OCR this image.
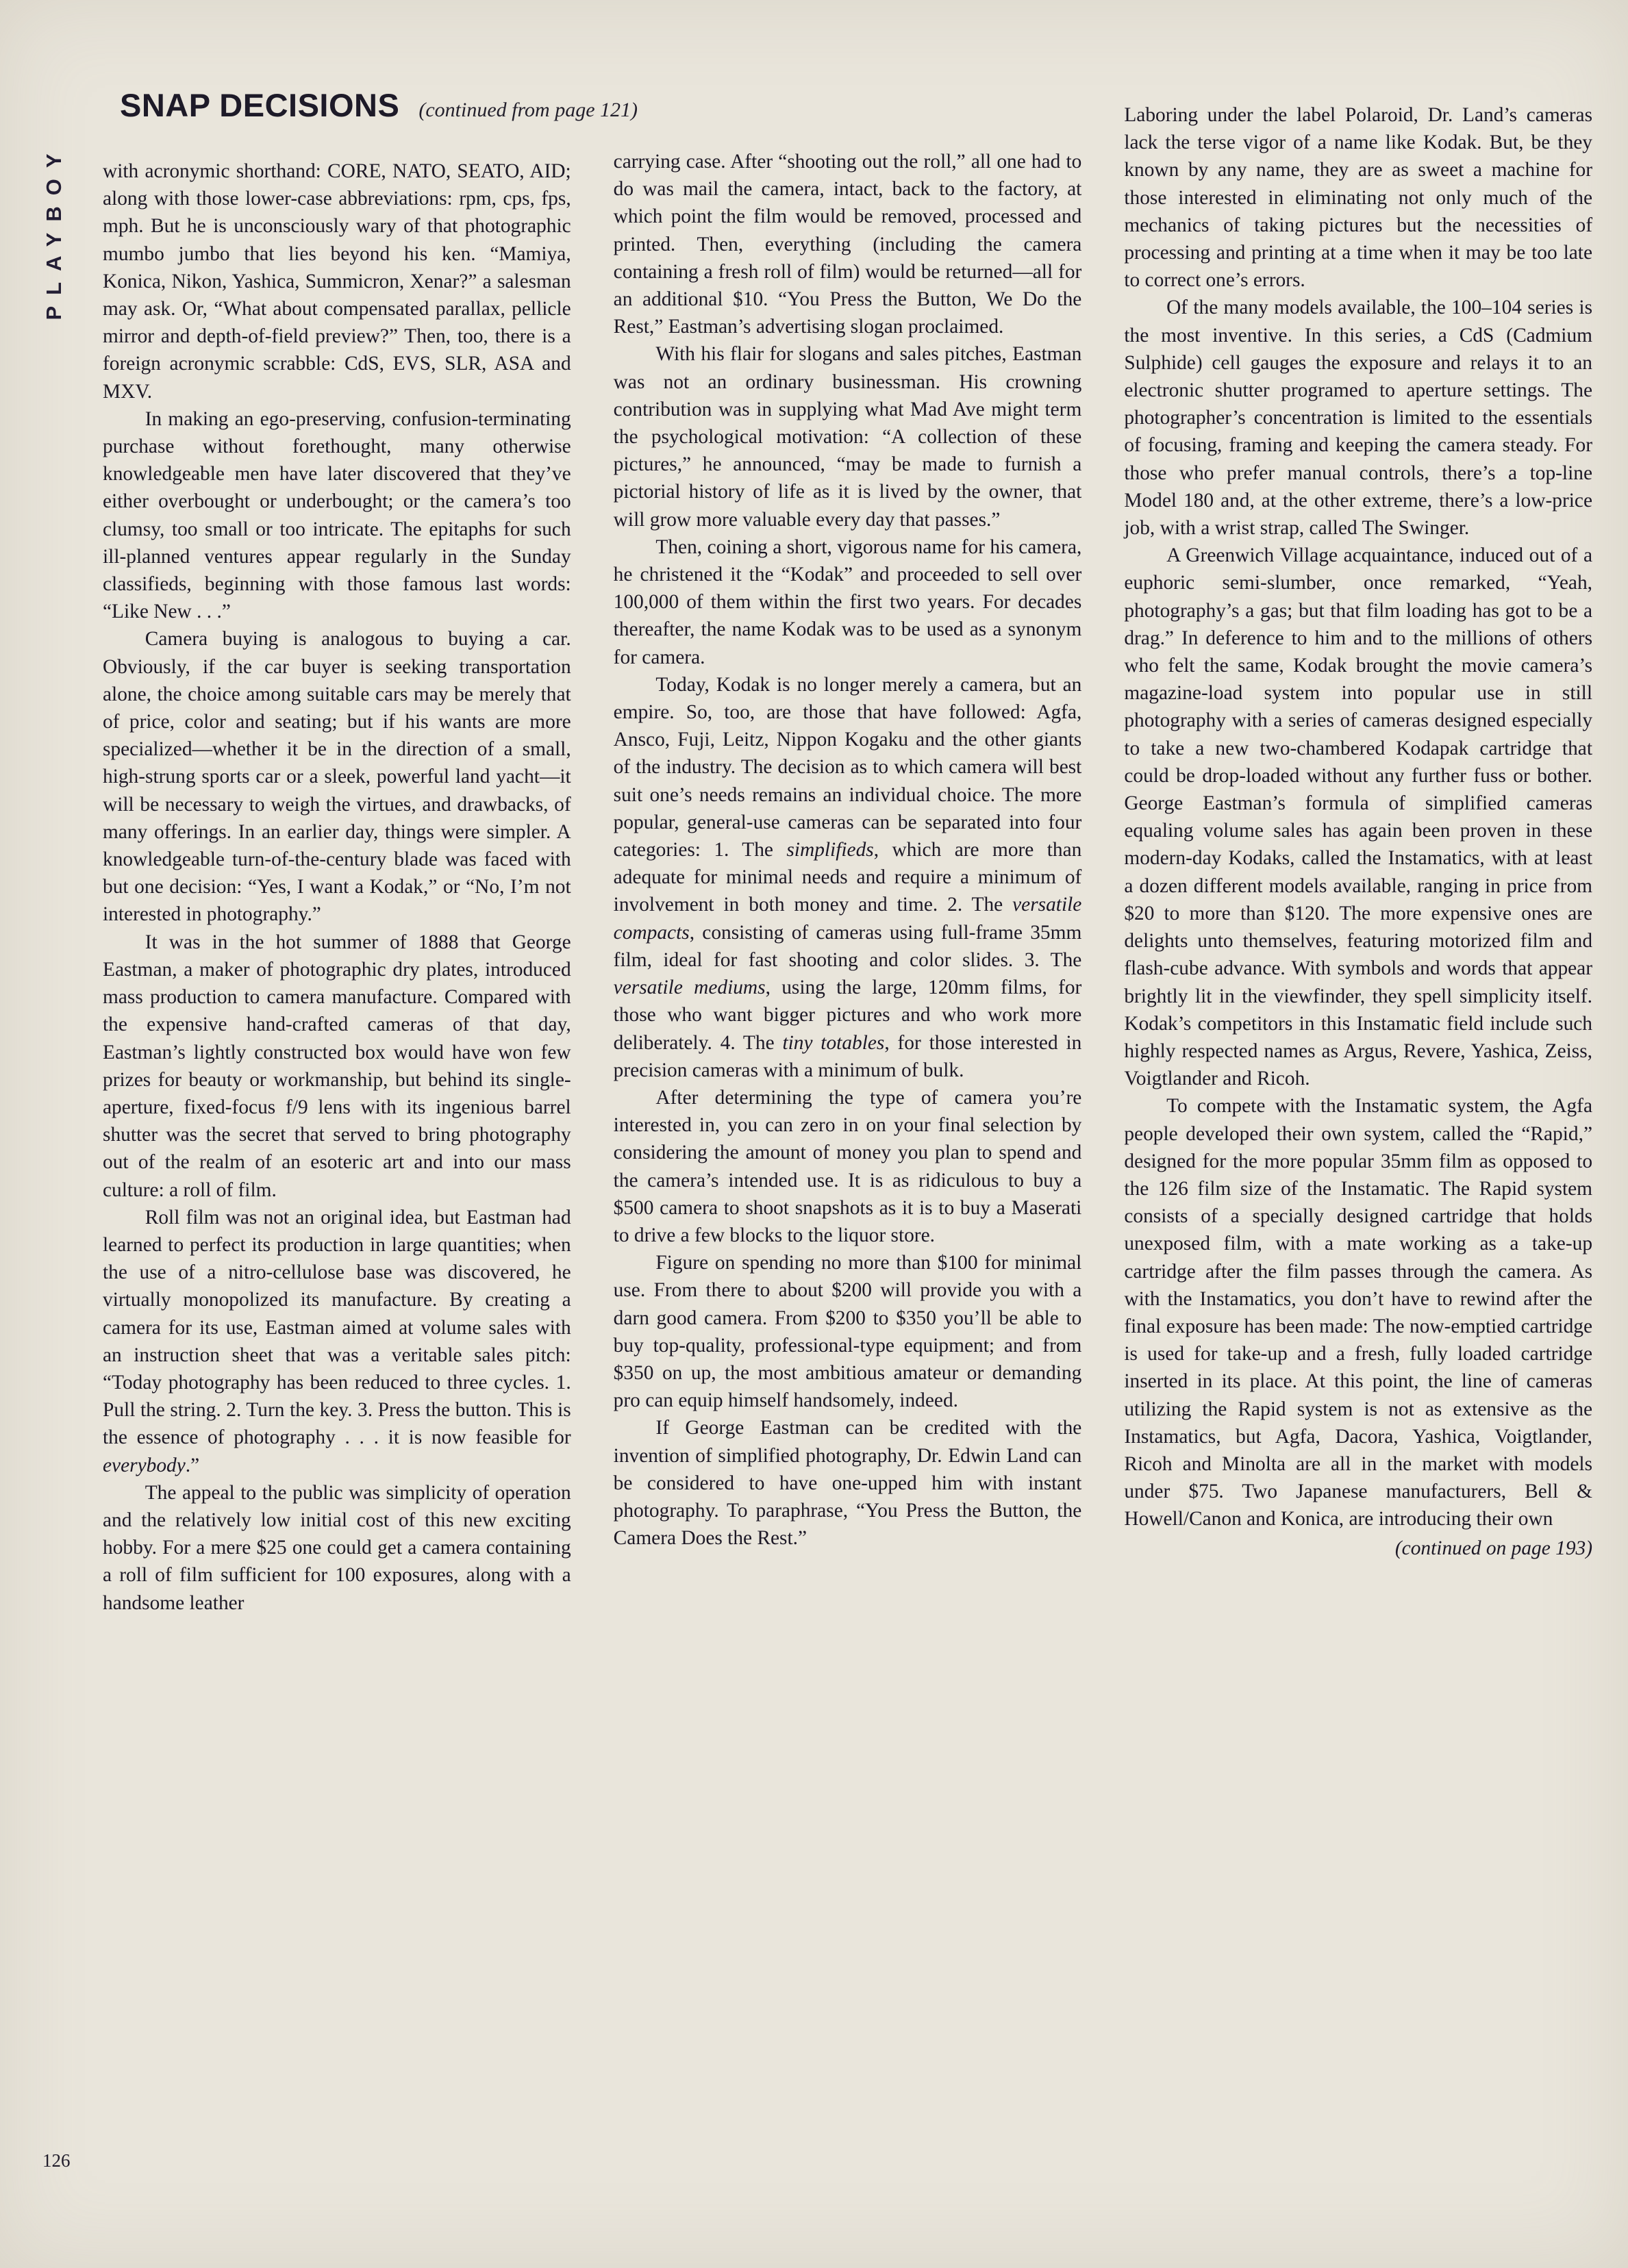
PLAYBOY
SNAP DECISIONS (continued from page 121)

with acronymic shorthand: CORE, NATO, SEATO, AID; along with those lower-case abbreviations: rpm, cps, fps, mph. But he is unconsciously wary of that photographic mumbo jumbo that lies beyond his ken. “Mamiya, Konica, Nikon, Yashica, Summicron, Xenar?” a salesman may ask. Or, “What about compensated parallax, pellicle mirror and depth-of-field preview?” Then, too, there is a foreign acronymic scrabble: CdS, EVS, SLR, ASA and MXV.

In making an ego-preserving, confusion-terminating purchase without forethought, many otherwise knowledgeable men have later discovered that they’ve either overbought or underbought; or the camera’s too clumsy, too small or too intricate. The epitaphs for such ill-planned ventures appear regularly in the Sunday classifieds, beginning with those famous last words: “Like New . . .”

Camera buying is analogous to buying a car. Obviously, if the car buyer is seeking transportation alone, the choice among suitable cars may be merely that of price, color and seating; but if his wants are more specialized—whether it be in the direction of a small, high-strung sports car or a sleek, powerful land yacht—it will be necessary to weigh the virtues, and drawbacks, of many offerings. In an earlier day, things were simpler. A knowledgeable turn-of-the-century blade was faced with but one decision: “Yes, I want a Kodak,” or “No, I’m not interested in photography.”

It was in the hot summer of 1888 that George Eastman, a maker of photographic dry plates, introduced mass production to camera manufacture. Compared with the expensive hand-crafted cameras of that day, Eastman’s lightly constructed box would have won few prizes for beauty or workmanship, but behind its single-aperture, fixed-focus f/9 lens with its ingenious barrel shutter was the secret that served to bring photography out of the realm of an esoteric art and into our mass culture: a roll of film.

Roll film was not an original idea, but Eastman had learned to perfect its production in large quantities; when the use of a nitro-cellulose base was discovered, he virtually monopolized its manufacture. By creating a camera for its use, Eastman aimed at volume sales with an instruction sheet that was a veritable sales pitch: “Today photography has been reduced to three cycles. 1. Pull the string. 2. Turn the key. 3. Press the button. This is the essence of photography . . . it is now feasible for everybody.”

The appeal to the public was simplicity of operation and the relatively low initial cost of this new exciting hobby. For a mere $25 one could get a camera containing a roll of film sufficient for 100 exposures, along with a handsome leather

carrying case. After “shooting out the roll,” all one had to do was mail the camera, intact, back to the factory, at which point the film would be removed, processed and printed. Then, everything (including the camera containing a fresh roll of film) would be returned—all for an additional $10. “You Press the Button, We Do the Rest,” Eastman’s advertising slogan proclaimed.

With his flair for slogans and sales pitches, Eastman was not an ordinary businessman. His crowning contribution was in supplying what Mad Ave might term the psychological motivation: “A collection of these pictures,” he announced, “may be made to furnish a pictorial history of life as it is lived by the owner, that will grow more valuable every day that passes.”

Then, coining a short, vigorous name for his camera, he christened it the “Kodak” and proceeded to sell over 100,000 of them within the first two years. For decades thereafter, the name Kodak was to be used as a synonym for camera.

Today, Kodak is no longer merely a camera, but an empire. So, too, are those that have followed: Agfa, Ansco, Fuji, Leitz, Nippon Kogaku and the other giants of the industry. The decision as to which camera will best suit one’s needs remains an individual choice. The more popular, general-use cameras can be separated into four categories: 1. The simplifieds, which are more than adequate for minimal needs and require a minimum of involvement in both money and time. 2. The versatile compacts, consisting of cameras using full-frame 35mm film, ideal for fast shooting and color slides. 3. The versatile mediums, using the large, 120mm films, for those who want bigger pictures and who work more deliberately. 4. The tiny totables, for those interested in precision cameras with a minimum of bulk.

After determining the type of camera you’re interested in, you can zero in on your final selection by considering the amount of money you plan to spend and the camera’s intended use. It is as ridiculous to buy a $500 camera to shoot snapshots as it is to buy a Maserati to drive a few blocks to the liquor store.

Figure on spending no more than $100 for minimal use. From there to about $200 will provide you with a darn good camera. From $200 to $350 you’ll be able to buy top-quality, professional-type equipment; and from $350 on up, the most ambitious amateur or demanding pro can equip himself handsomely, indeed.

If George Eastman can be credited with the invention of simplified photography, Dr. Edwin Land can be considered to have one-upped him with instant photography. To paraphrase, “You Press the Button, the Camera Does the Rest.”

Laboring under the label Polaroid, Dr. Land’s cameras lack the terse vigor of a name like Kodak. But, be they known by any name, they are as sweet a machine for those interested in eliminating not only much of the mechanics of taking pictures but the necessities of processing and printing at a time when it may be too late to correct one’s errors.

Of the many models available, the 100–104 series is the most inventive. In this series, a CdS (Cadmium Sulphide) cell gauges the exposure and relays it to an electronic shutter programed to aperture settings. The photographer’s concentration is limited to the essentials of focusing, framing and keeping the camera steady. For those who prefer manual controls, there’s a top-line Model 180 and, at the other extreme, there’s a low-price job, with a wrist strap, called The Swinger.

A Greenwich Village acquaintance, induced out of a euphoric semi-slumber, once remarked, “Yeah, photography’s a gas; but that film loading has got to be a drag.” In deference to him and to the millions of others who felt the same, Kodak brought the movie camera’s magazine-load system into popular use in still photography with a series of cameras designed especially to take a new two-chambered Kodapak cartridge that could be drop-loaded without any further fuss or bother. George Eastman’s formula of simplified cameras equaling volume sales has again been proven in these modern-day Kodaks, called the Instamatics, with at least a dozen different models available, ranging in price from $20 to more than $120. The more expensive ones are delights unto themselves, featuring motorized film and flash-cube advance. With symbols and words that appear brightly lit in the viewfinder, they spell simplicity itself. Kodak’s competitors in this Instamatic field include such highly respected names as Argus, Revere, Yashica, Zeiss, Voigtlander and Ricoh.

To compete with the Instamatic system, the Agfa people developed their own system, called the “Rapid,” designed for the more popular 35mm film as opposed to the 126 film size of the Instamatic. The Rapid system consists of a specially designed cartridge that holds unexposed film, with a mate working as a take-up cartridge after the film passes through the camera. As with the Instamatics, you don’t have to rewind after the final exposure has been made: The now-emptied cartridge is used for take-up and a fresh, fully loaded cartridge inserted in its place. At this point, the line of cameras utilizing the Rapid system is not as extensive as the Instamatics, but Agfa, Dacora, Yashica, Voigtlander, Ricoh and Minolta are all in the market with models under $75. Two Japanese manufacturers, Bell & Howell/Canon and Konica, are introducing their own

(continued on page 193)

126
